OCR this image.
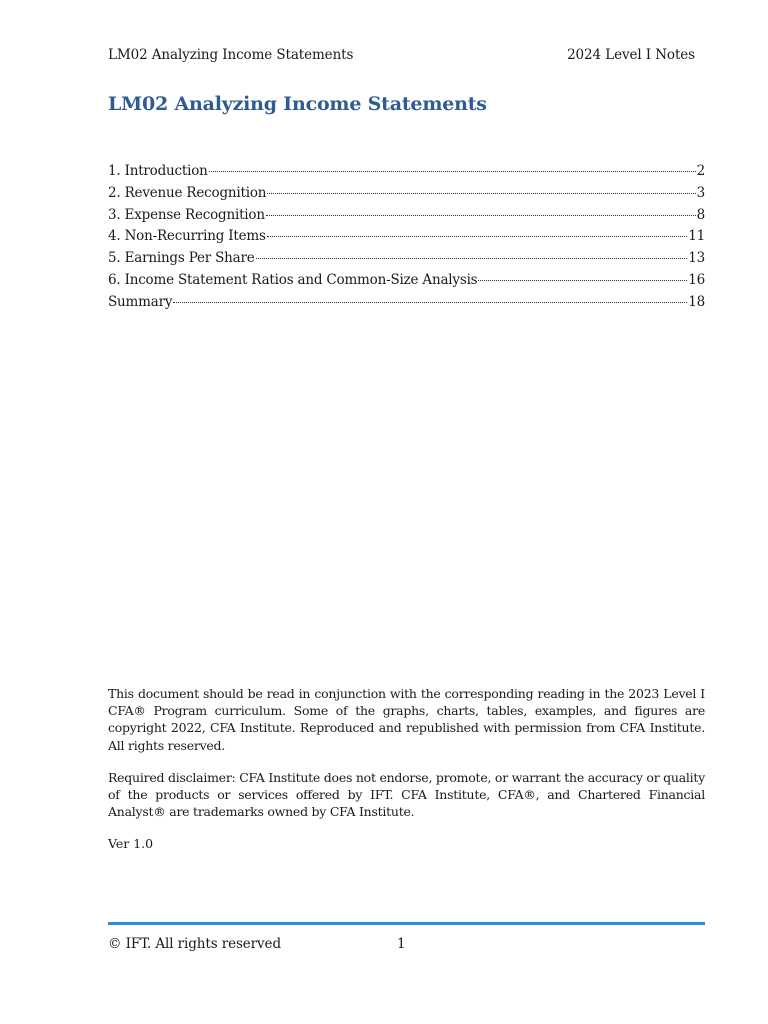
LM02 Analyzing Income Statements	2024 Level I Notes
LM02 Analyzing Income Statements
1. Introduction	2
2. Revenue Recognition	3
3. Expense Recognition	8
4. Non-Recurring Items	11
5. Earnings Per Share	13
6. Income Statement Ratios and Common-Size Analysis	16
Summary	18

This document should be read in conjunction with the corresponding reading in the 2023 Level I CFA® Program curriculum. Some of the graphs, charts, tables, examples, and figures are copyright 2022, CFA Institute. Reproduced and republished with permission from CFA Institute. All rights reserved.

Required disclaimer: CFA Institute does not endorse, promote, or warrant the accuracy or quality of the products or services offered by IFT. CFA Institute, CFA®, and Chartered Financial Analyst® are trademarks owned by CFA Institute.

Ver 1.0
© IFT. All rights reserved	1
